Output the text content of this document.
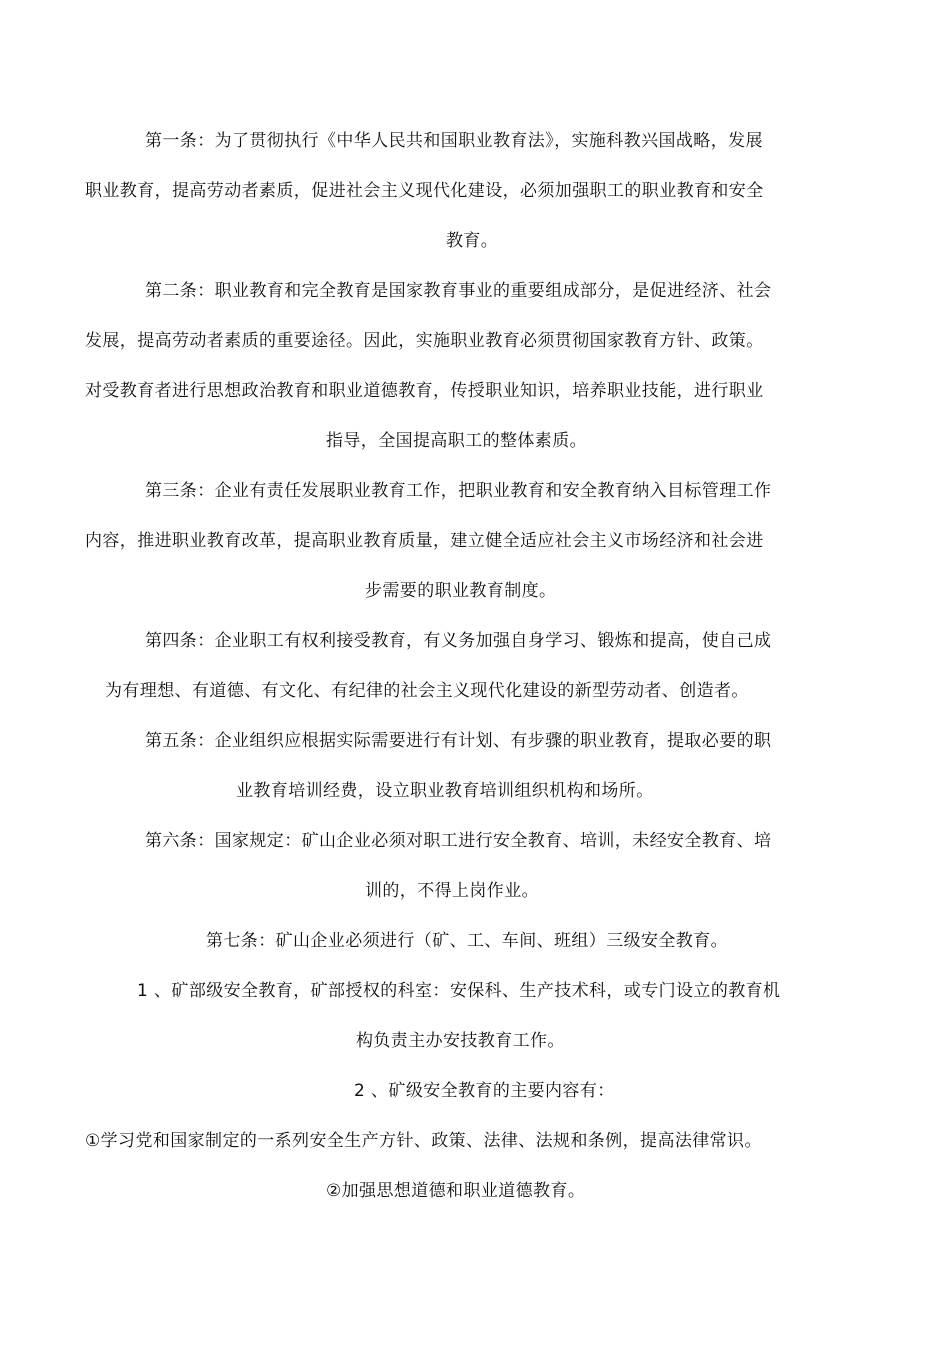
第一条：为了贯彻执行《中华人民共和国职业教育法》，实施科教兴国战略，发展
职业教育，提高劳动者素质，促进社会主义现代化建设，必须加强职工的职业教育和安全
教育。
第二条：职业教育和完全教育是国家教育事业的重要组成部分，是促进经济、社会
发展，提高劳动者素质的重要途径。因此，实施职业教育必须贯彻国家教育方针、政策。
对受教育者进行思想政治教育和职业道德教育，传授职业知识，培养职业技能，进行职业
指导，全国提高职工的整体素质。
第三条：企业有责任发展职业教育工作，把职业教育和安全教育纳入目标管理工作
内容，推进职业教育改革，提高职业教育质量，建立健全适应社会主义市场经济和社会进
步需要的职业教育制度。
第四条：企业职工有权利接受教育，有义务加强自身学习、锻炼和提高，使自己成
为有理想、有道德、有文化、有纪律的社会主义现代化建设的新型劳动者、创造者。
第五条：企业组织应根据实际需要进行有计划、有步骤的职业教育，提取必要的职
业教育培训经费，设立职业教育培训组织机构和场所。
第六条：国家规定：矿山企业必须对职工进行安全教育、培训，未经安全教育、培
训的，不得上岗作业。
第七条：矿山企业必须进行（矿、工、车间、班组）三级安全教育。
1 、矿部级安全教育，矿部授权的科室：安保科、生产技术科，或专门设立的教育机
构负责主办安技教育工作。
2 、矿级安全教育的主要内容有：
①学习党和国家制定的一系列安全生产方针、政策、法律、法规和条例，提高法律常识。
②加强思想道德和职业道德教育。
